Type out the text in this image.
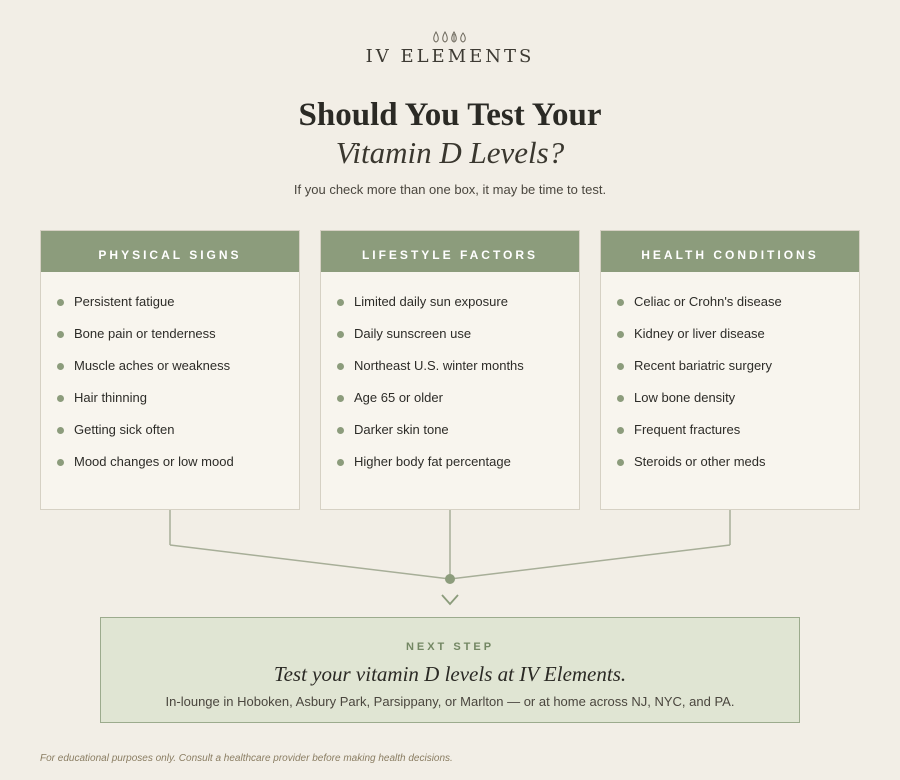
IV ELEMENTS
Should You Test Your
Vitamin D Levels?
If you check more than one box, it may be time to test.
PHYSICAL SIGNS
Persistent fatigue
Bone pain or tenderness
Muscle aches or weakness
Hair thinning
Getting sick often
Mood changes or low mood
LIFESTYLE FACTORS
Limited daily sun exposure
Daily sunscreen use
Northeast U.S. winter months
Age 65 or older
Darker skin tone
Higher body fat percentage
HEALTH CONDITIONS
Celiac or Crohn's disease
Kidney or liver disease
Recent bariatric surgery
Low bone density
Frequent fractures
Steroids or other meds
NEXT STEP
Test your vitamin D levels at IV Elements.
In-lounge in Hoboken, Asbury Park, Parsippany, or Marlton — or at home across NJ, NYC, and PA.
For educational purposes only. Consult a healthcare provider before making health decisions.
